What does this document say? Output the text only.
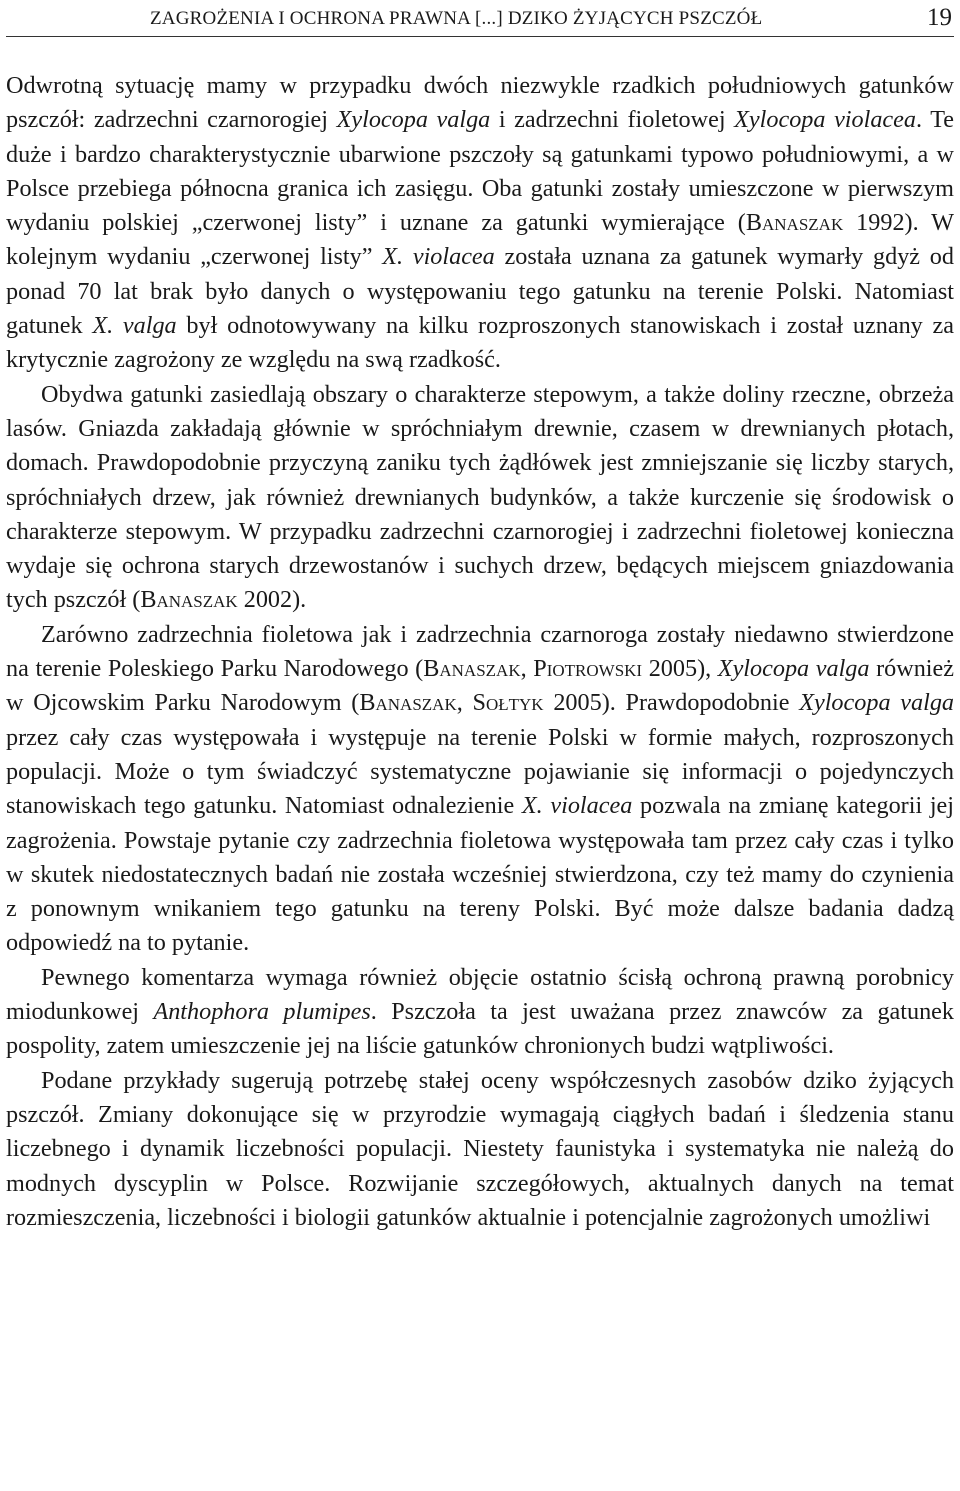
ZAGROŻENIA I OCHRONA PRAWNA [...] DZIKO ŻYJĄCYCH PSZCZÓŁ	19

Odwrotną sytuację mamy w przypadku dwóch niezwykle rzadkich południowych gatunków pszczół: zadrzechni czarnorogiej Xylocopa valga i zadrzechni fioletowej Xylocopa violacea. Te duże i bardzo charakterystycznie ubarwione pszczoły są gatunkami typowo południowymi, a w Polsce przebiega północna granica ich zasięgu. Oba gatunki zostały umieszczone w pierwszym wydaniu polskiej „czerwonej listy” i uznane za gatunki wymierające (Banaszak 1992). W kolejnym wydaniu „czerwonej listy” X. violacea została uznana za gatunek wymarły gdyż od ponad 70 lat brak było danych o występowaniu tego gatunku na terenie Polski. Natomiast gatunek X. valga był odnotowywany na kilku rozproszonych stanowiskach i został uznany za krytycznie zagrożony ze względu na swą rzadkość.

Obydwa gatunki zasiedlają obszary o charakterze stepowym, a także doliny rzeczne, obrzeża lasów. Gniazda zakładają głównie w spróchniałym drewnie, czasem w drewnianych płotach, domach. Prawdopodobnie przyczyną zaniku tych żądłówek jest zmniejszanie się liczby starych, spróchniałych drzew, jak również drewnianych budynków, a także kurczenie się środowisk o charakterze stepowym. W przypadku zadrzechni czarnorogiej i zadrzechni fioletowej konieczna wydaje się ochrona starych drzewostanów i suchych drzew, będących miejscem gniazdowania tych pszczół (Banaszak 2002).

Zarówno zadrzechnia fioletowa jak i zadrzechnia czarnoroga zostały niedawno stwierdzone na terenie Poleskiego Parku Narodowego (Banaszak, Piotrowski 2005), Xylocopa valga również w Ojcowskim Parku Narodowym (Banaszak, Sołtyk 2005). Prawdopodobnie Xylocopa valga przez cały czas występowała i występuje na terenie Polski w formie małych, rozproszonych populacji. Może o tym świadczyć systematyczne pojawianie się informacji o pojedynczych stanowiskach tego gatunku. Natomiast odnalezienie X. violacea pozwala na zmianę kategorii jej zagrożenia. Powstaje pytanie czy zadrzechnia fioletowa występowała tam przez cały czas i tylko w skutek niedostatecznych badań nie została wcześniej stwierdzona, czy też mamy do czynienia z ponownym wnikaniem tego gatunku na tereny Polski. Być może dalsze badania dadzą odpowiedź na to pytanie.

Pewnego komentarza wymaga również objęcie ostatnio ścisłą ochroną prawną porobnicy miodunkowej Anthophora plumipes. Pszczoła ta jest uważana przez znawców za gatunek pospolity, zatem umieszczenie jej na liście gatunków chronionych budzi wątpliwości.

Podane przykłady sugerują potrzebę stałej oceny współczesnych zasobów dziko żyjących pszczół. Zmiany dokonujące się w przyrodzie wymagają ciągłych badań i śledzenia stanu liczebnego i dynamik liczebności populacji. Niestety faunistyka i systematyka nie należą do modnych dyscyplin w Polsce. Rozwijanie szczegółowych, aktualnych danych na temat rozmieszczenia, liczebności i biologii gatunków aktualnie i potencjalnie zagrożonych umożliwi
